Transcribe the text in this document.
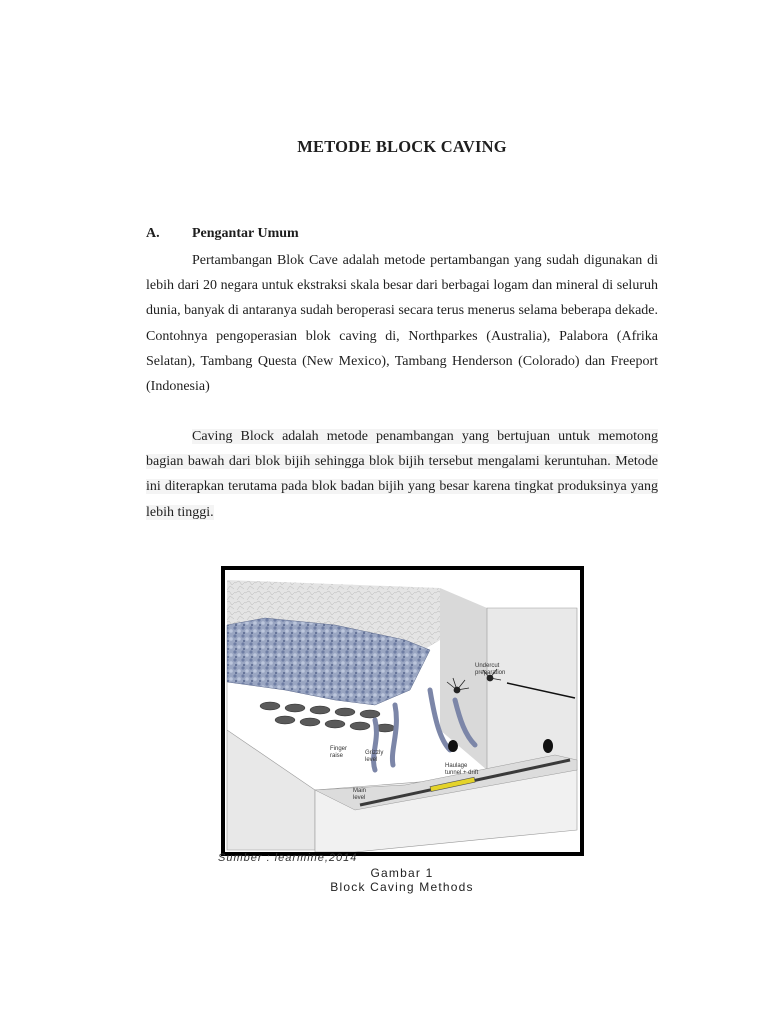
METODE BLOCK CAVING
A. Pengantar Umum

Pertambangan Blok Cave adalah metode pertambangan yang sudah digunakan di lebih dari 20 negara untuk ekstraksi skala besar dari berbagai logam dan mineral di seluruh dunia, banyak di antaranya sudah beroperasi secara terus menerus selama beberapa dekade. Contohnya pengoperasian blok caving di, Northparkes (Australia), Palabora (Afrika Selatan), Tambang Questa (New Mexico), Tambang Henderson (Colorado) dan Freeport (Indonesia)

Caving Block adalah metode penambangan yang bertujuan untuk memotong bagian bawah dari blok bijih sehingga blok bijih tersebut mengalami keruntuhan. Metode ini diterapkan terutama pada blok badan bijih yang besar karena tingkat produksinya yang lebih tinggi.

Undercut
preparation
Finger
raise	Grizzly
level
Haulage
tunnel + drift
Main
level
Sumber : learmine,2014
Gambar 1
Block Caving Methods
